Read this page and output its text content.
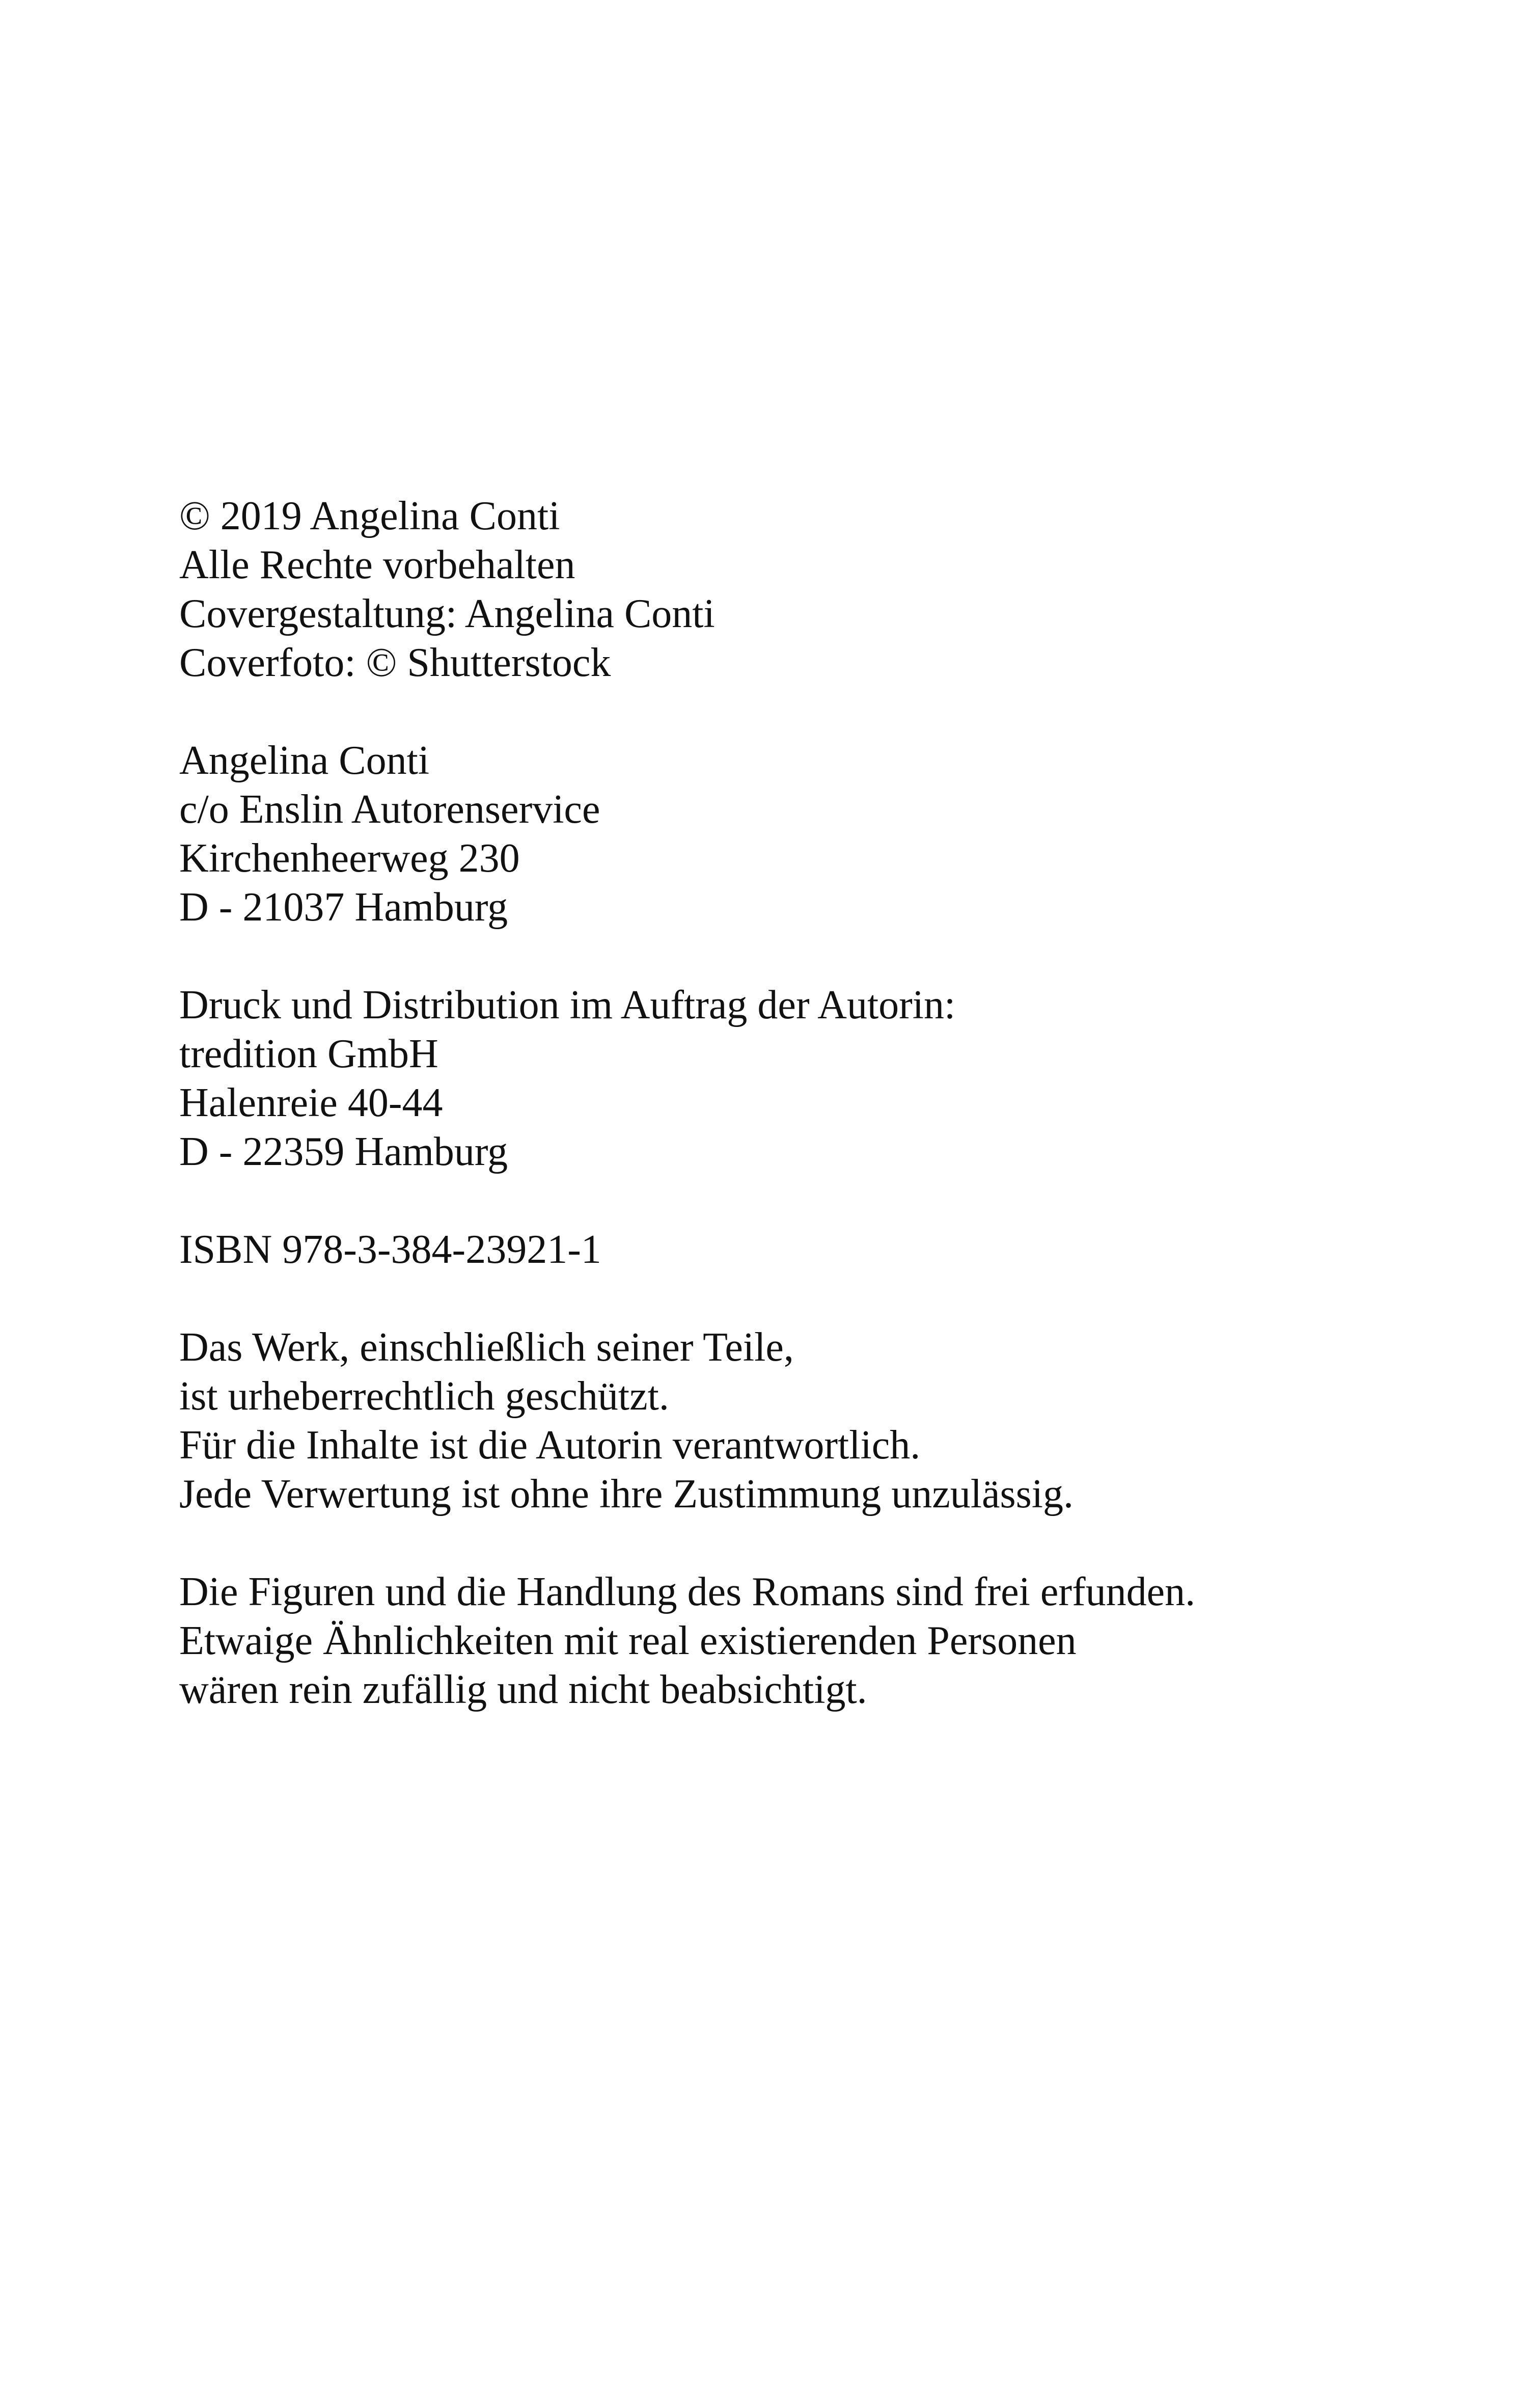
© 2019 Angelina Conti
Alle Rechte vorbehalten
Covergestaltung: Angelina Conti
Coverfoto: © Shutterstock
Angelina Conti
c/o Enslin Autorenservice
Kirchenheerweg 230
D - 21037 Hamburg
Druck und Distribution im Auftrag der Autorin:
tredition GmbH
Halenreie 40-44
D - 22359 Hamburg
ISBN 978-3-384-23921-1
Das Werk, einschließlich seiner Teile,
ist urheberrechtlich geschützt.
Für die Inhalte ist die Autorin verantwortlich.
Jede Verwertung ist ohne ihre Zustimmung unzulässig.
Die Figuren und die Handlung des Romans sind frei erfunden.
Etwaige Ähnlichkeiten mit real existierenden Personen
wären rein zufällig und nicht beabsichtigt.
